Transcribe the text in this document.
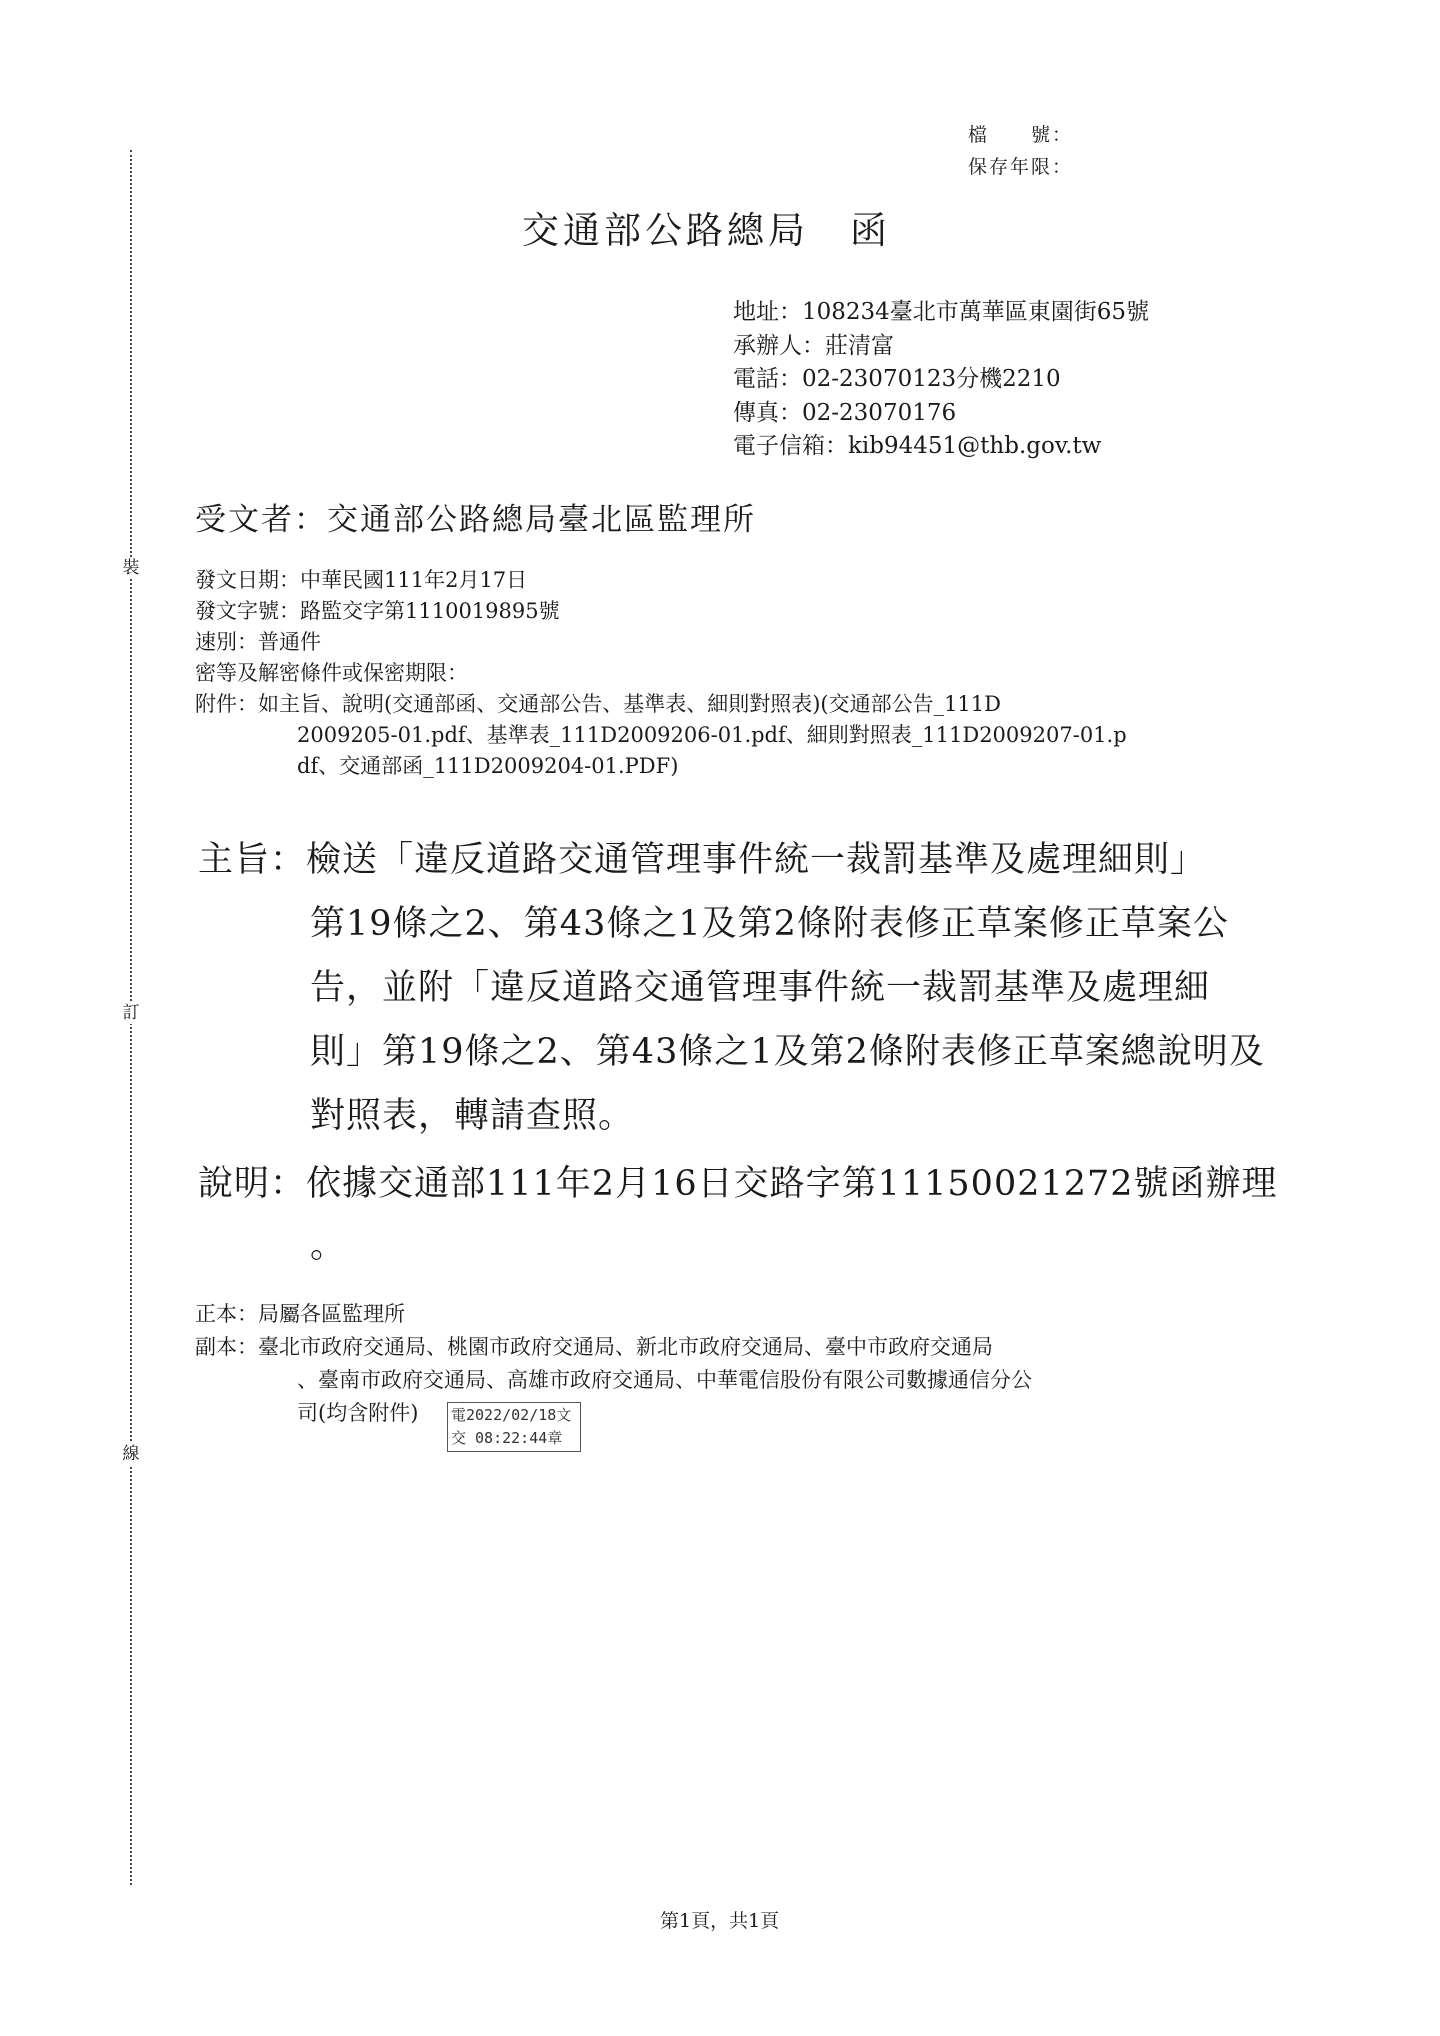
裝
訂
線
檔　　號：
保存年限：
交通部公路總局　函
地址：108234臺北市萬華區東園街65號
承辦人：莊清富
電話：02-23070123分機2210
傳真：02-23070176
電子信箱：kib94451@thb.gov.tw
受文者：交通部公路總局臺北區監理所
發文日期：中華民國111年2月17日
發文字號：路監交字第1110019895號
速別：普通件
密等及解密條件或保密期限：
附件：如主旨、說明(交通部函、交通部公告、基準表、細則對照表)(交通部公告_111D
2009205-01.pdf、基準表_111D2009206-01.pdf、細則對照表_111D2009207-01.p
df、交通部函_111D2009204-01.PDF)
主旨：檢送「違反道路交通管理事件統一裁罰基準及處理細則」
第19條之2、第43條之1及第2條附表修正草案修正草案公
告，並附「違反道路交通管理事件統一裁罰基準及處理細
則」第19條之2、第43條之1及第2條附表修正草案總說明及
對照表，轉請查照。
說明：依據交通部111年2月16日交路字第11150021272號函辦理
。
正本：局屬各區監理所
副本：臺北市政府交通局、桃園市政府交通局、新北市政府交通局、臺中市政府交通局
、臺南市政府交通局、高雄市政府交通局、中華電信股份有限公司數據通信分公
司(均含附件)	電2022/02/18文
交 08:22:44章
第1頁，共1頁
